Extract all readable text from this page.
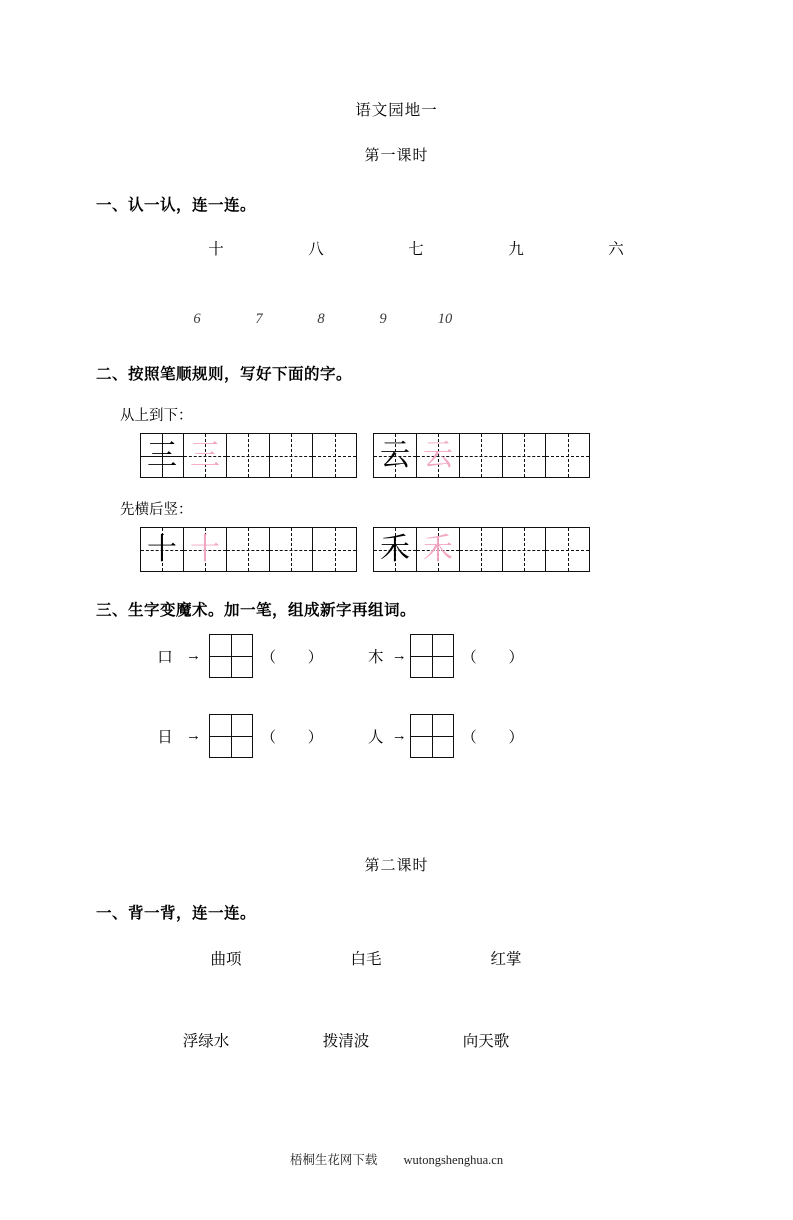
语文园地一
第一课时
一、认一认，连一连。
十	八	七	九	六
6	7	8	9	10
二、按照笔顺规则，写好下面的字。
从上到下：
三 三	云 云
先横后竖：
十 十	禾 禾
三、生字变魔术。加一笔，组成新字再组词。
口 →	（ ）	木 →	（ ）
日 →	（ ）	人 →	（ ）
第二课时
一、背一背，连一连。
曲项	白毛	红掌
浮绿水	拨清波	向天歌
梧桐生花网下载 wutongshenghua.cn
